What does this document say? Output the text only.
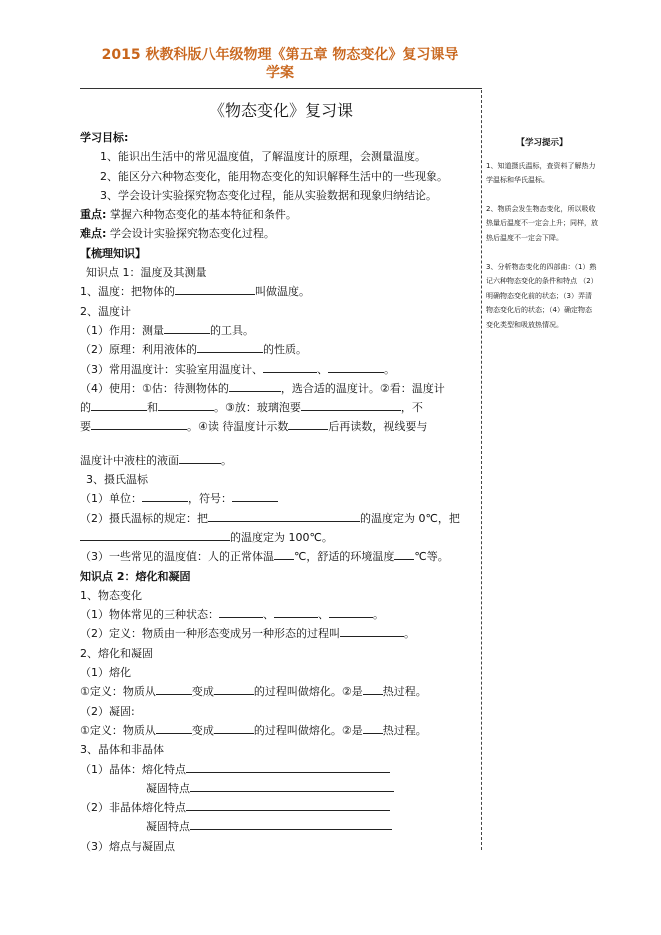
2015 秋教科版八年级物理《第五章 物态变化》复习课导
学案
《物态变化》复习课
学习目标:
1、能识出生活中的常见温度值，了解温度计的原理，会测量温度。
2、能区分六种物态变化，能用物态变化的知识解释生活中的一些现象。
3、学会设计实验探究物态变化过程，能从实验数据和现象归纳结论。
重点: 掌握六种物态变化的基本特征和条件。
难点: 学会设计实验探究物态变化过程。
【梳理知识】
知识点 1：温度及其测量
1、温度：把物体的	叫做温度。
2、温度计
（1）作用：测量	的工具。
（2）原理：利用液体的	的性质。
（3）常用温度计：实验室用温度计、	、	。
（4）使用：①估：待测物体的	，选合适的温度计。②看：温度计
的	和	。③放：玻璃泡要	，不
要	。④读 待温度计示数	后再读数，视线要与
温度计中液柱的液面	。
3、摄氏温标
（1）单位：	，符号：
（2）摄氏温标的规定：把	的温度定为 0℃，把
的温度定为 100℃。
（3）一些常见的温度值：人的正常体温 ℃，舒适的环境温度 ℃等。
知识点 2：熔化和凝固
1、物态变化
（1）物体常见的三种状态：	、	、	。
（2）定义：物质由一种形态变成另一种形态的过程叫	。
2、熔化和凝固
（1）熔化
①定义：物质从	变成	的过程叫做熔化。②是 热过程。
（2）凝固:
①定义：物质从	变成	的过程叫做熔化。②是 热过程。
3、晶体和非晶体
（1）晶体：熔化特点
凝固特点
（2）非晶体熔化特点
凝固特点
（3）熔点与凝固点
【学习提示】

1、知道摄氏温标，查资料了解热力学温标和华氏温标。

2、物质会发生物态变化，所以吸收热量后温度不一定会上升；同样，放热后温度不一定会下降。

3、分析物态变化的四部曲：（1）熟记六种物态变化的条件和特点 （2）明确物态变化前的状态；（3）弄清物态变化后的状态；（4）确定物态变化类型和吸放热情况。
